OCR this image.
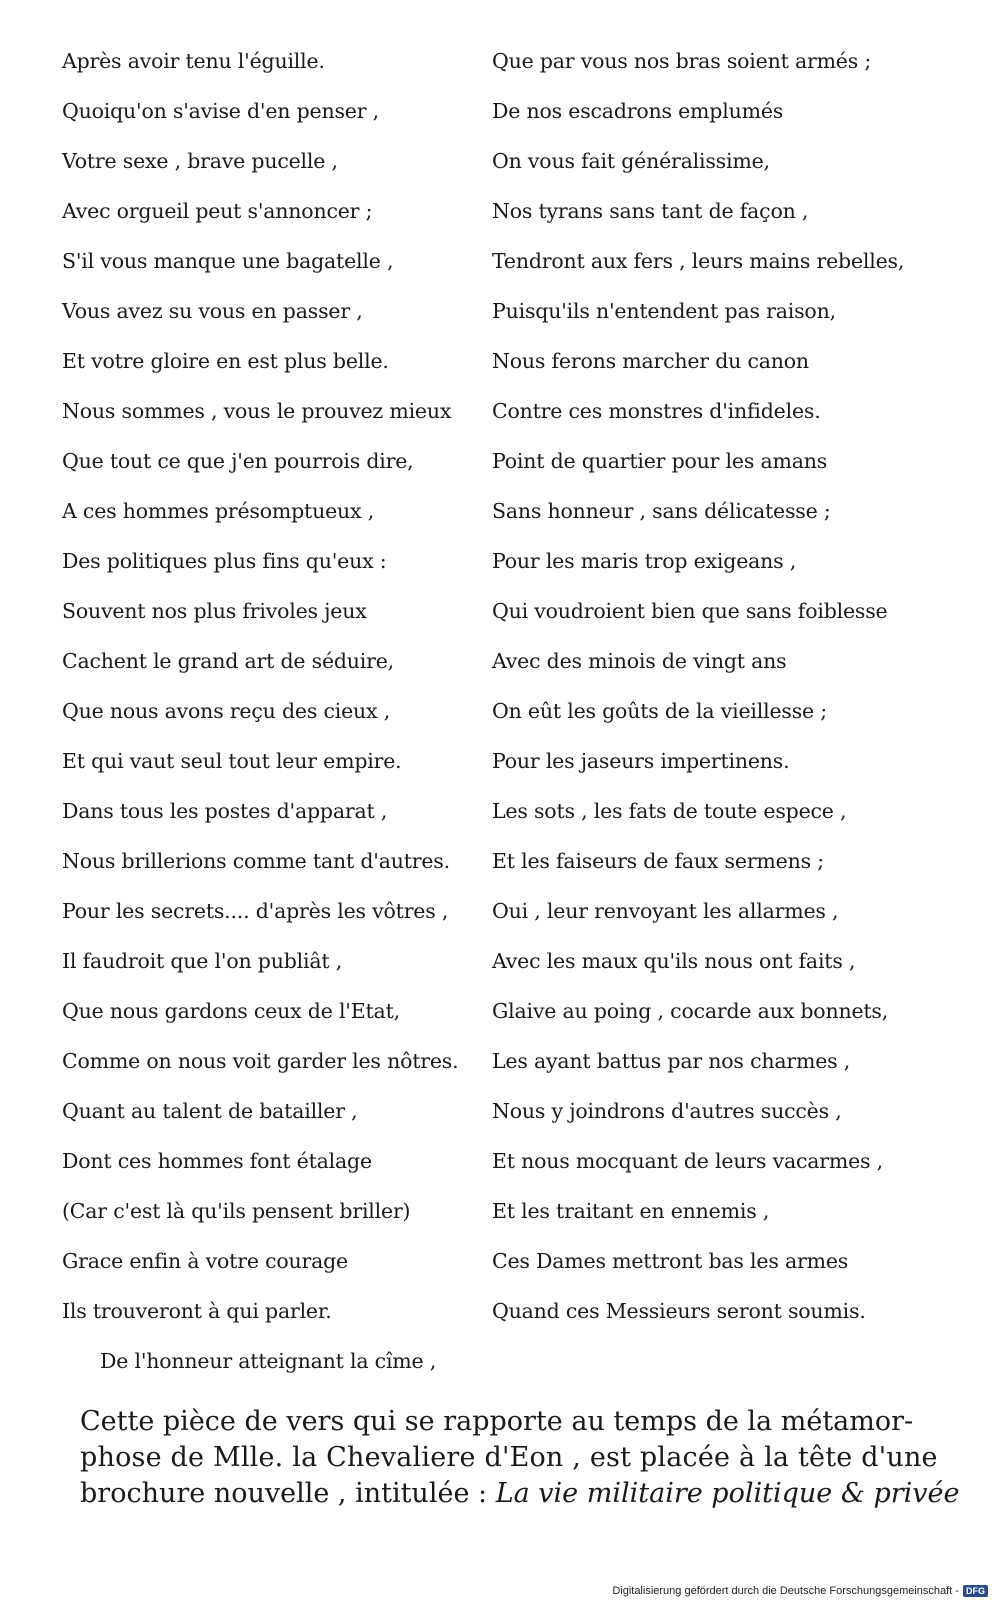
Après avoir tenu l'éguille.
Quoiqu'on s'avise d'en penser ,
Votre sexe , brave pucelle ,
Avec orgueil peut s'annoncer ;
S'il vous manque une bagatelle ,
Vous avez su vous en passer ,
Et votre gloire en est plus belle.
Nous sommes , vous le prouvez mieux
Que tout ce que j'en pourrois dire,
A ces hommes présomptueux ,
Des politiques plus fins qu'eux :
Souvent nos plus frivoles jeux
Cachent le grand art de séduire,
Que nous avons reçu des cieux ,
Et qui vaut seul tout leur empire.
Dans tous les postes d'apparat ,
Nous brillerions comme tant d'autres.
Pour les secrets.... d'après les vôtres ,
Il faudroit que l'on publiât ,
Que nous gardons ceux de l'Etat,
Comme on nous voit garder les nôtres.
Quant au talent de batailler ,
Dont ces hommes font étalage
(Car c'est là qu'ils pensent briller)
Grace enfin à votre courage
Ils trouveront à qui parler.
De l'honneur atteignant la cîme ,
Que par vous nos bras soient armés ;
De nos escadrons emplumés
On vous fait généralissime,
Nos tyrans sans tant de façon ,
Tendront aux fers , leurs mains rebelles,
Puisqu'ils n'entendent pas raison,
Nous ferons marcher du canon
Contre ces monstres d'infideles.
Point de quartier pour les amans
Sans honneur , sans délicatesse ;
Pour les maris trop exigeans ,
Qui voudroient bien que sans foiblesse
Avec des minois de vingt ans
On eût les goûts de la vieillesse ;
Pour les jaseurs impertinens.
Les sots , les fats de toute espece ,
Et les faiseurs de faux sermens ;
Oui , leur renvoyant les allarmes ,
Avec les maux qu'ils nous ont faits ,
Glaive au poing , cocarde aux bonnets,
Les ayant battus par nos charmes ,
Nous y joindrons d'autres succès ,
Et nous mocquant de leurs vacarmes ,
Et les traitant en ennemis ,
Ces Dames mettront bas les armes
Quand ces Messieurs seront soumis.
Cette pièce de vers qui se rapporte au temps de la métamor-
phose de Mlle. la Chevaliere d'Eon , est placée à la tête d'une
brochure nouvelle , intitulée : La vie militaire politique & privée
Digitalisierung gefördert durch die Deutsche Forschungsgemeinschaft - DFG
